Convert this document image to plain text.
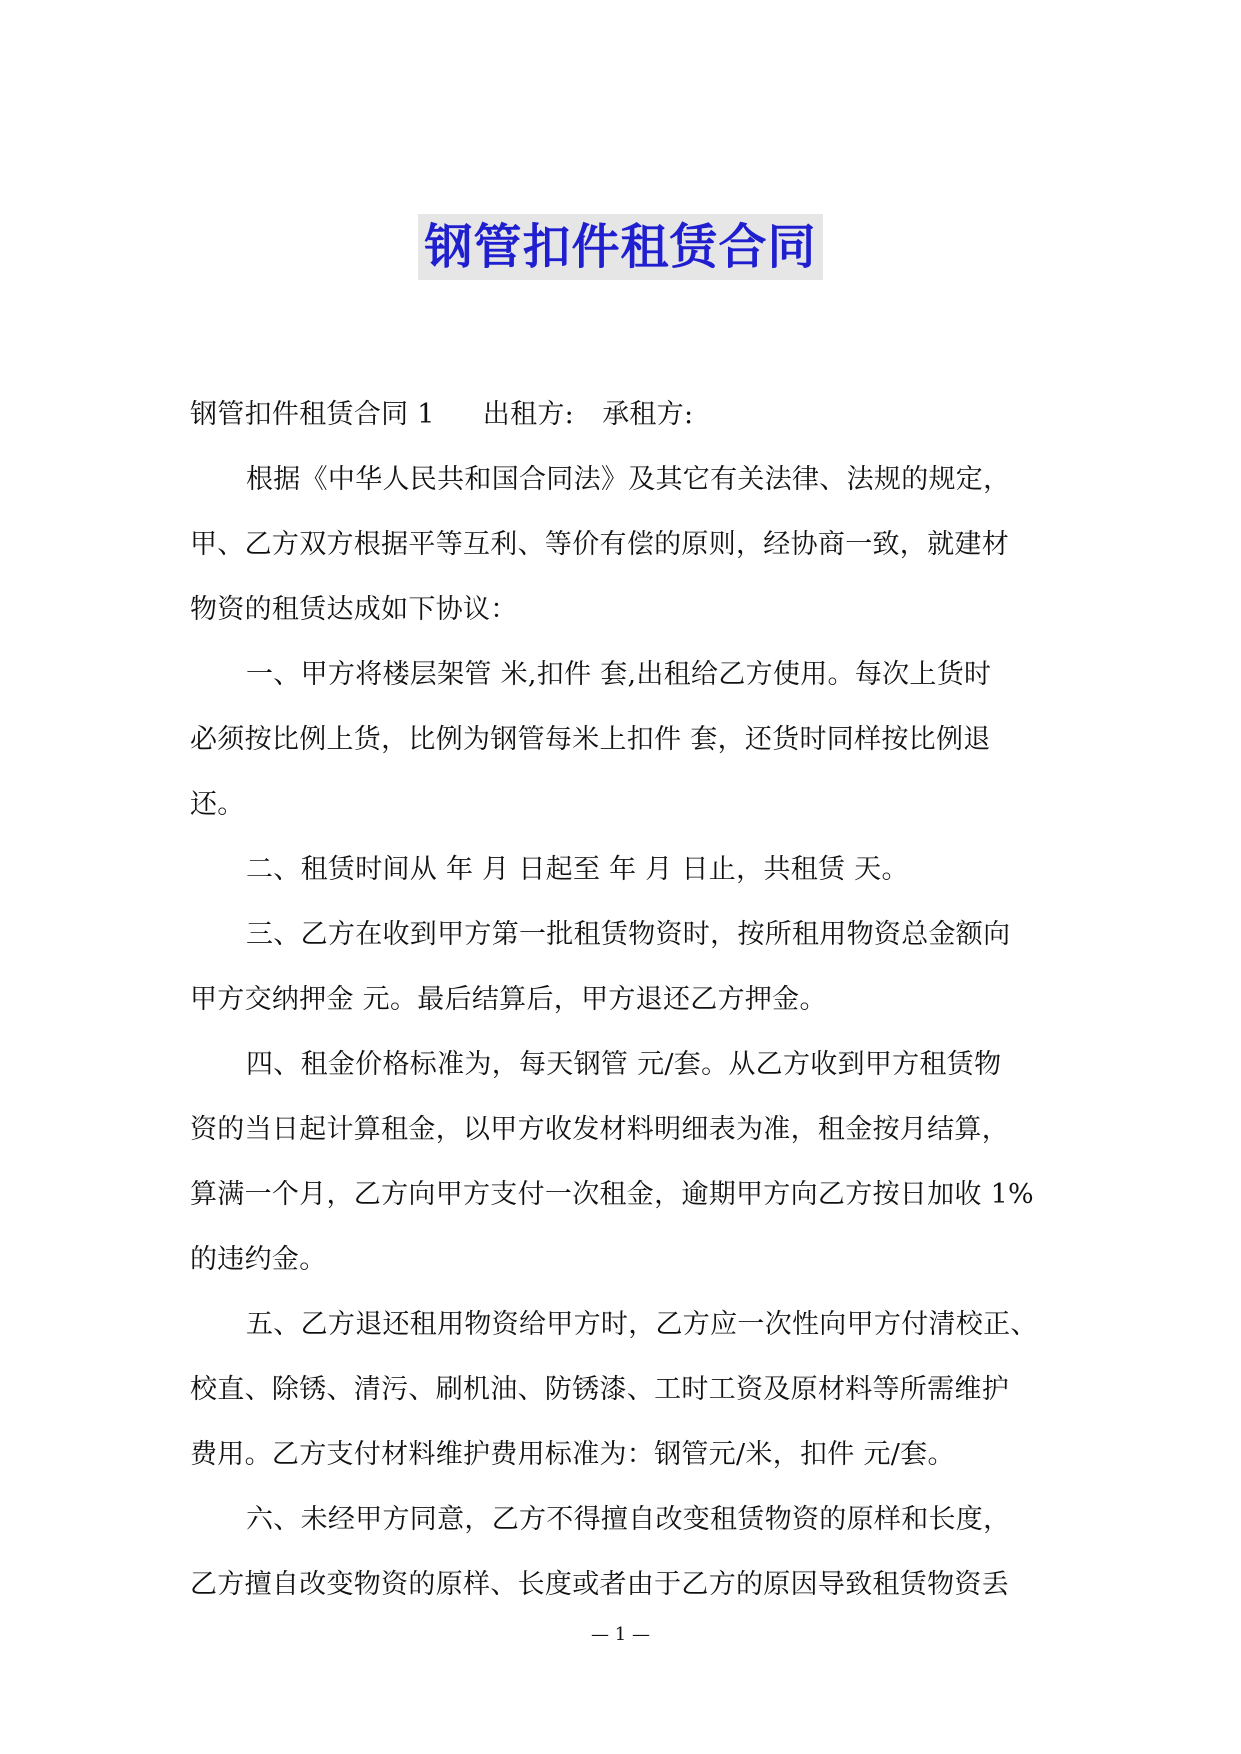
钢管扣件租赁合同
钢管扣件租赁合同 1 出租方: 承租方:
根据《中华人民共和国合同法》及其它有关法律、法规的规定，
甲、乙方双方根据平等互利、等价有偿的原则，经协商一致，就建材
物资的租赁达成如下协议：
一、甲方将楼层架管 米,扣件 套,出租给乙方使用。每次上货时
必须按比例上货，比例为钢管每米上扣件 套，还货时同样按比例退
还。
二、租赁时间从 年 月 日起至 年 月 日止，共租赁 天。
三、乙方在收到甲方第一批租赁物资时，按所租用物资总金额向
甲方交纳押金 元。最后结算后，甲方退还乙方押金。
四、租金价格标准为，每天钢管 元/套。从乙方收到甲方租赁物
资的当日起计算租金，以甲方收发材料明细表为准，租金按月结算，
算满一个月，乙方向甲方支付一次租金，逾期甲方向乙方按日加收 1%
的违约金。
五、乙方退还租用物资给甲方时，乙方应一次性向甲方付清校正、
校直、除锈、清污、刷机油、防锈漆、工时工资及原材料等所需维护
费用。乙方支付材料维护费用标准为：钢管元/米，扣件 元/套。
六、未经甲方同意，乙方不得擅自改变租赁物资的原样和长度，
乙方擅自改变物资的原样、长度或者由于乙方的原因导致租赁物资丢
— 1 —
